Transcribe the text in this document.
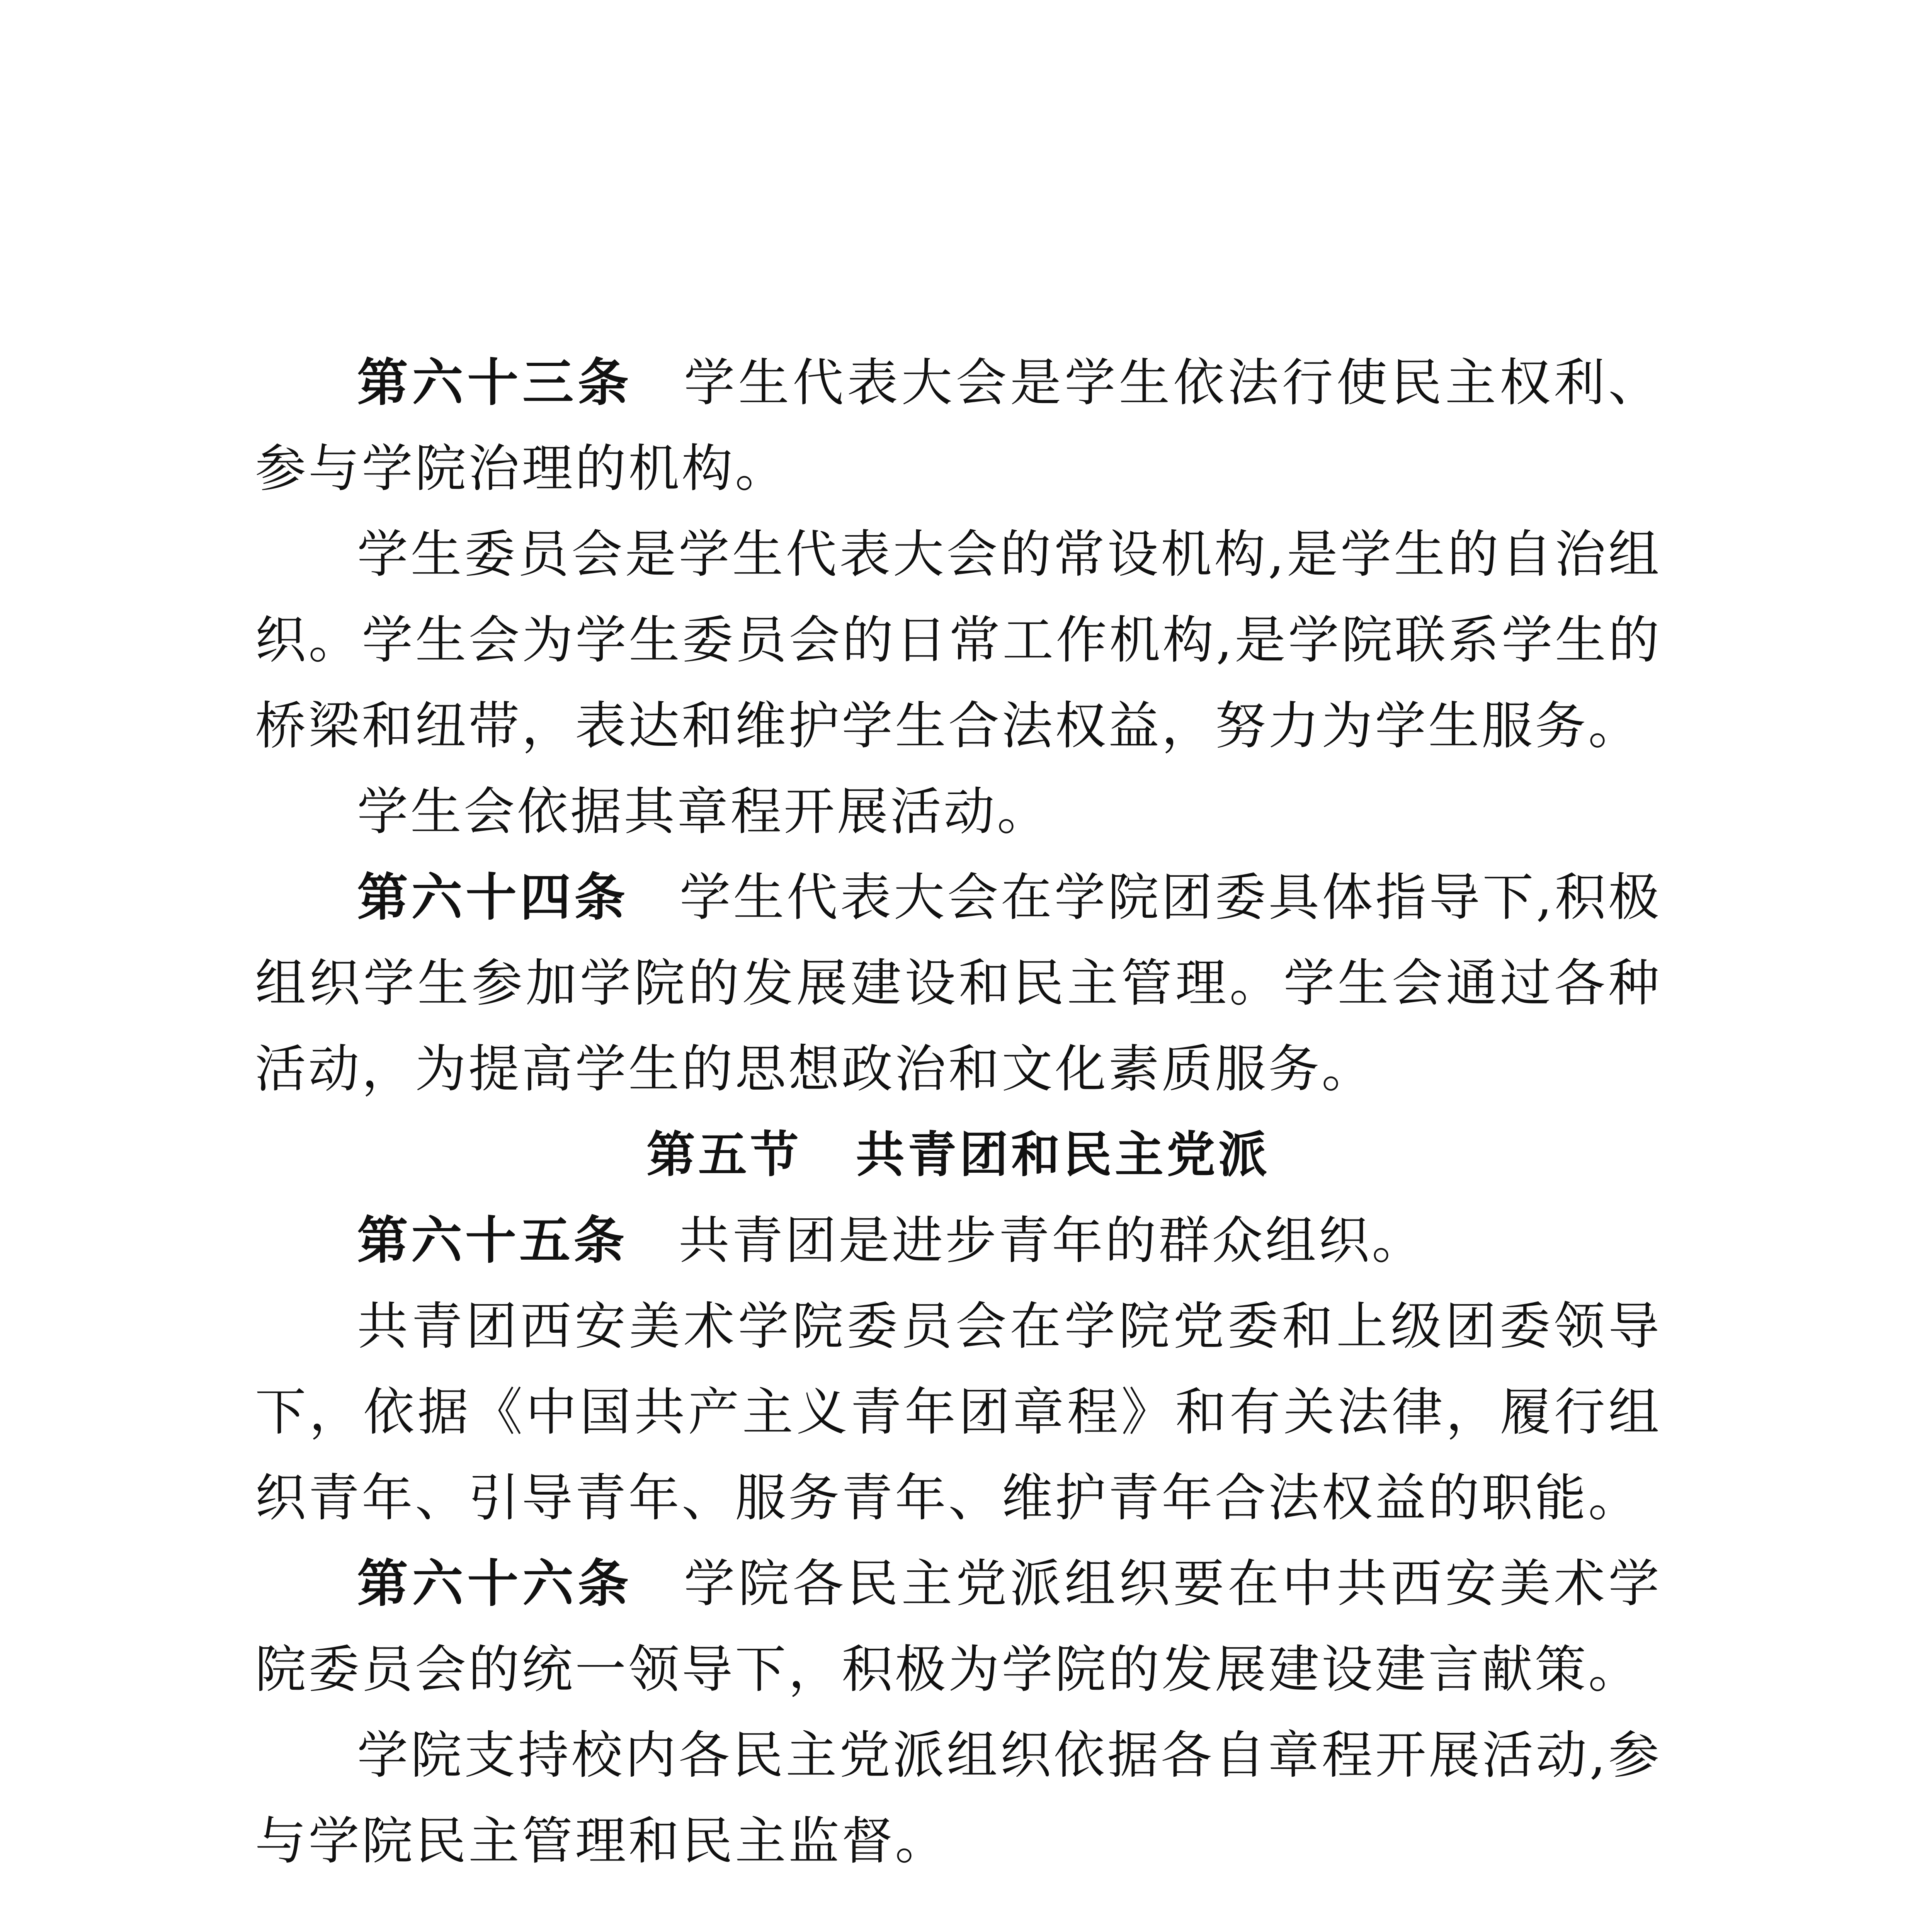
第六十三条 学生代表大会是学生依法行使民主权利、参与学院治理的机构。

学生委员会是学生代表大会的常设机构,是学生的自治组织。学生会为学生委员会的日常工作机构,是学院联系学生的桥梁和纽带，表达和维护学生合法权益，努力为学生服务。

学生会依据其章程开展活动。

第六十四条 学生代表大会在学院团委具体指导下,积极组织学生参加学院的发展建设和民主管理。学生会通过各种活动，为提高学生的思想政治和文化素质服务。

第五节 共青团和民主党派

第六十五条 共青团是进步青年的群众组织。

共青团西安美术学院委员会在学院党委和上级团委领导下，依据《中国共产主义青年团章程》和有关法律，履行组织青年、引导青年、服务青年、维护青年合法权益的职能。

第六十六条 学院各民主党派组织要在中共西安美术学院委员会的统一领导下，积极为学院的发展建设建言献策。

学院支持校内各民主党派组织依据各自章程开展活动,参与学院民主管理和民主监督。
